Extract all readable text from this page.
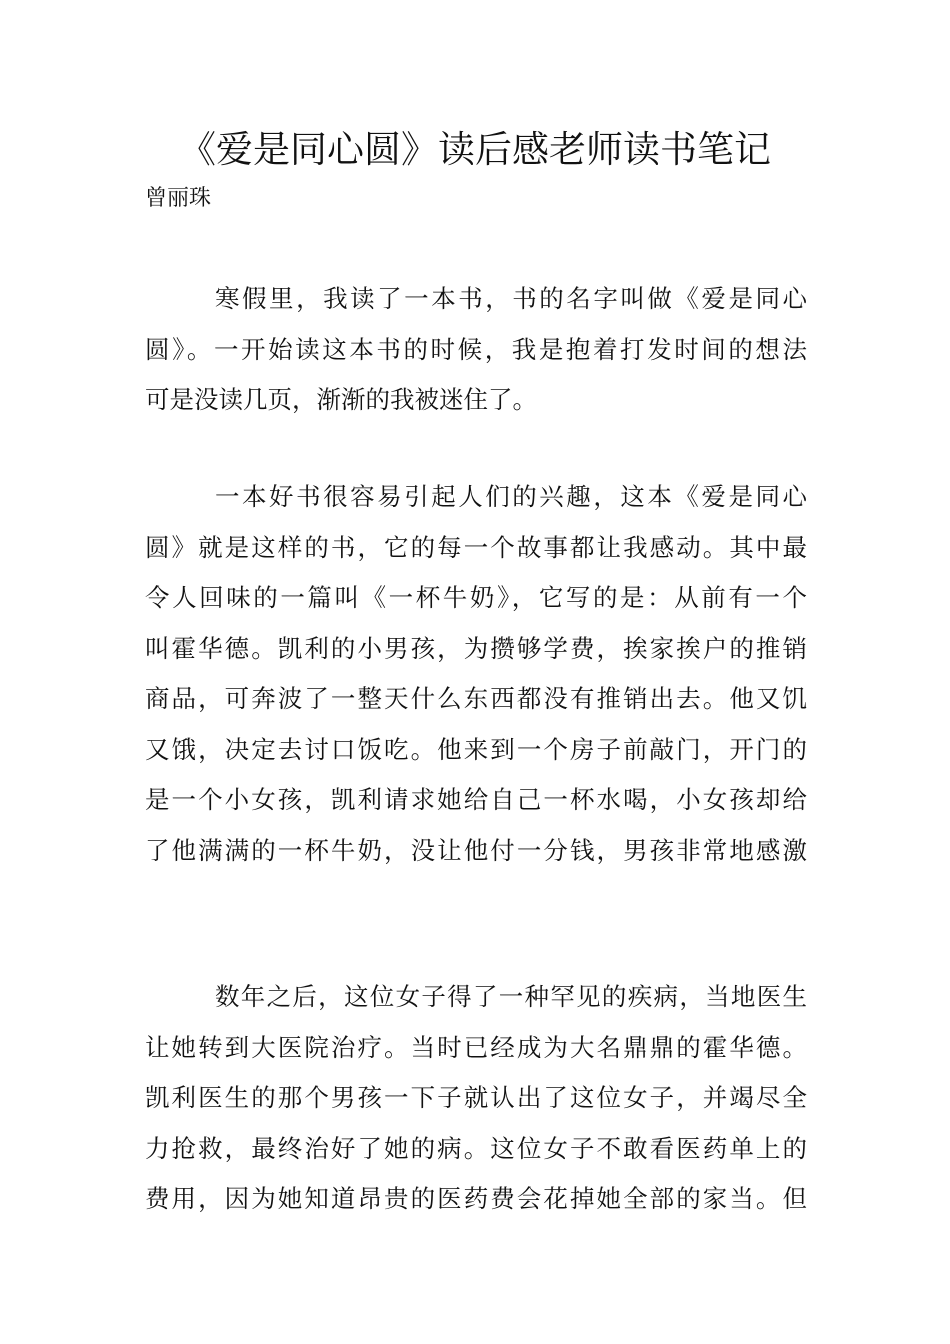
《爱是同心圆》读后感老师读书笔记
曾丽珠
寒假里，我读了一本书，书的名字叫做《爱是同心
圆》。一开始读这本书的时候，我是抱着打发时间的想法
可是没读几页，渐渐的我被迷住了。
一本好书很容易引起人们的兴趣，这本《爱是同心
圆》就是这样的书，它的每一个故事都让我感动。其中最
令人回味的一篇叫《一杯牛奶》，它写的是：从前有一个
叫霍华德。凯利的小男孩，为攒够学费，挨家挨户的推销
商品，可奔波了一整天什么东西都没有推销出去。他又饥
又饿，决定去讨口饭吃。他来到一个房子前敲门，开门的
是一个小女孩，凯利请求她给自己一杯水喝，小女孩却给
了他满满的一杯牛奶，没让他付一分钱，男孩非常地感激
数年之后，这位女子得了一种罕见的疾病，当地医生
让她转到大医院治疗。当时已经成为大名鼎鼎的霍华德。
凯利医生的那个男孩一下子就认出了这位女子，并竭尽全
力抢救，最终治好了她的病。这位女子不敢看医药单上的
费用，因为她知道昂贵的医药费会花掉她全部的家当。但
